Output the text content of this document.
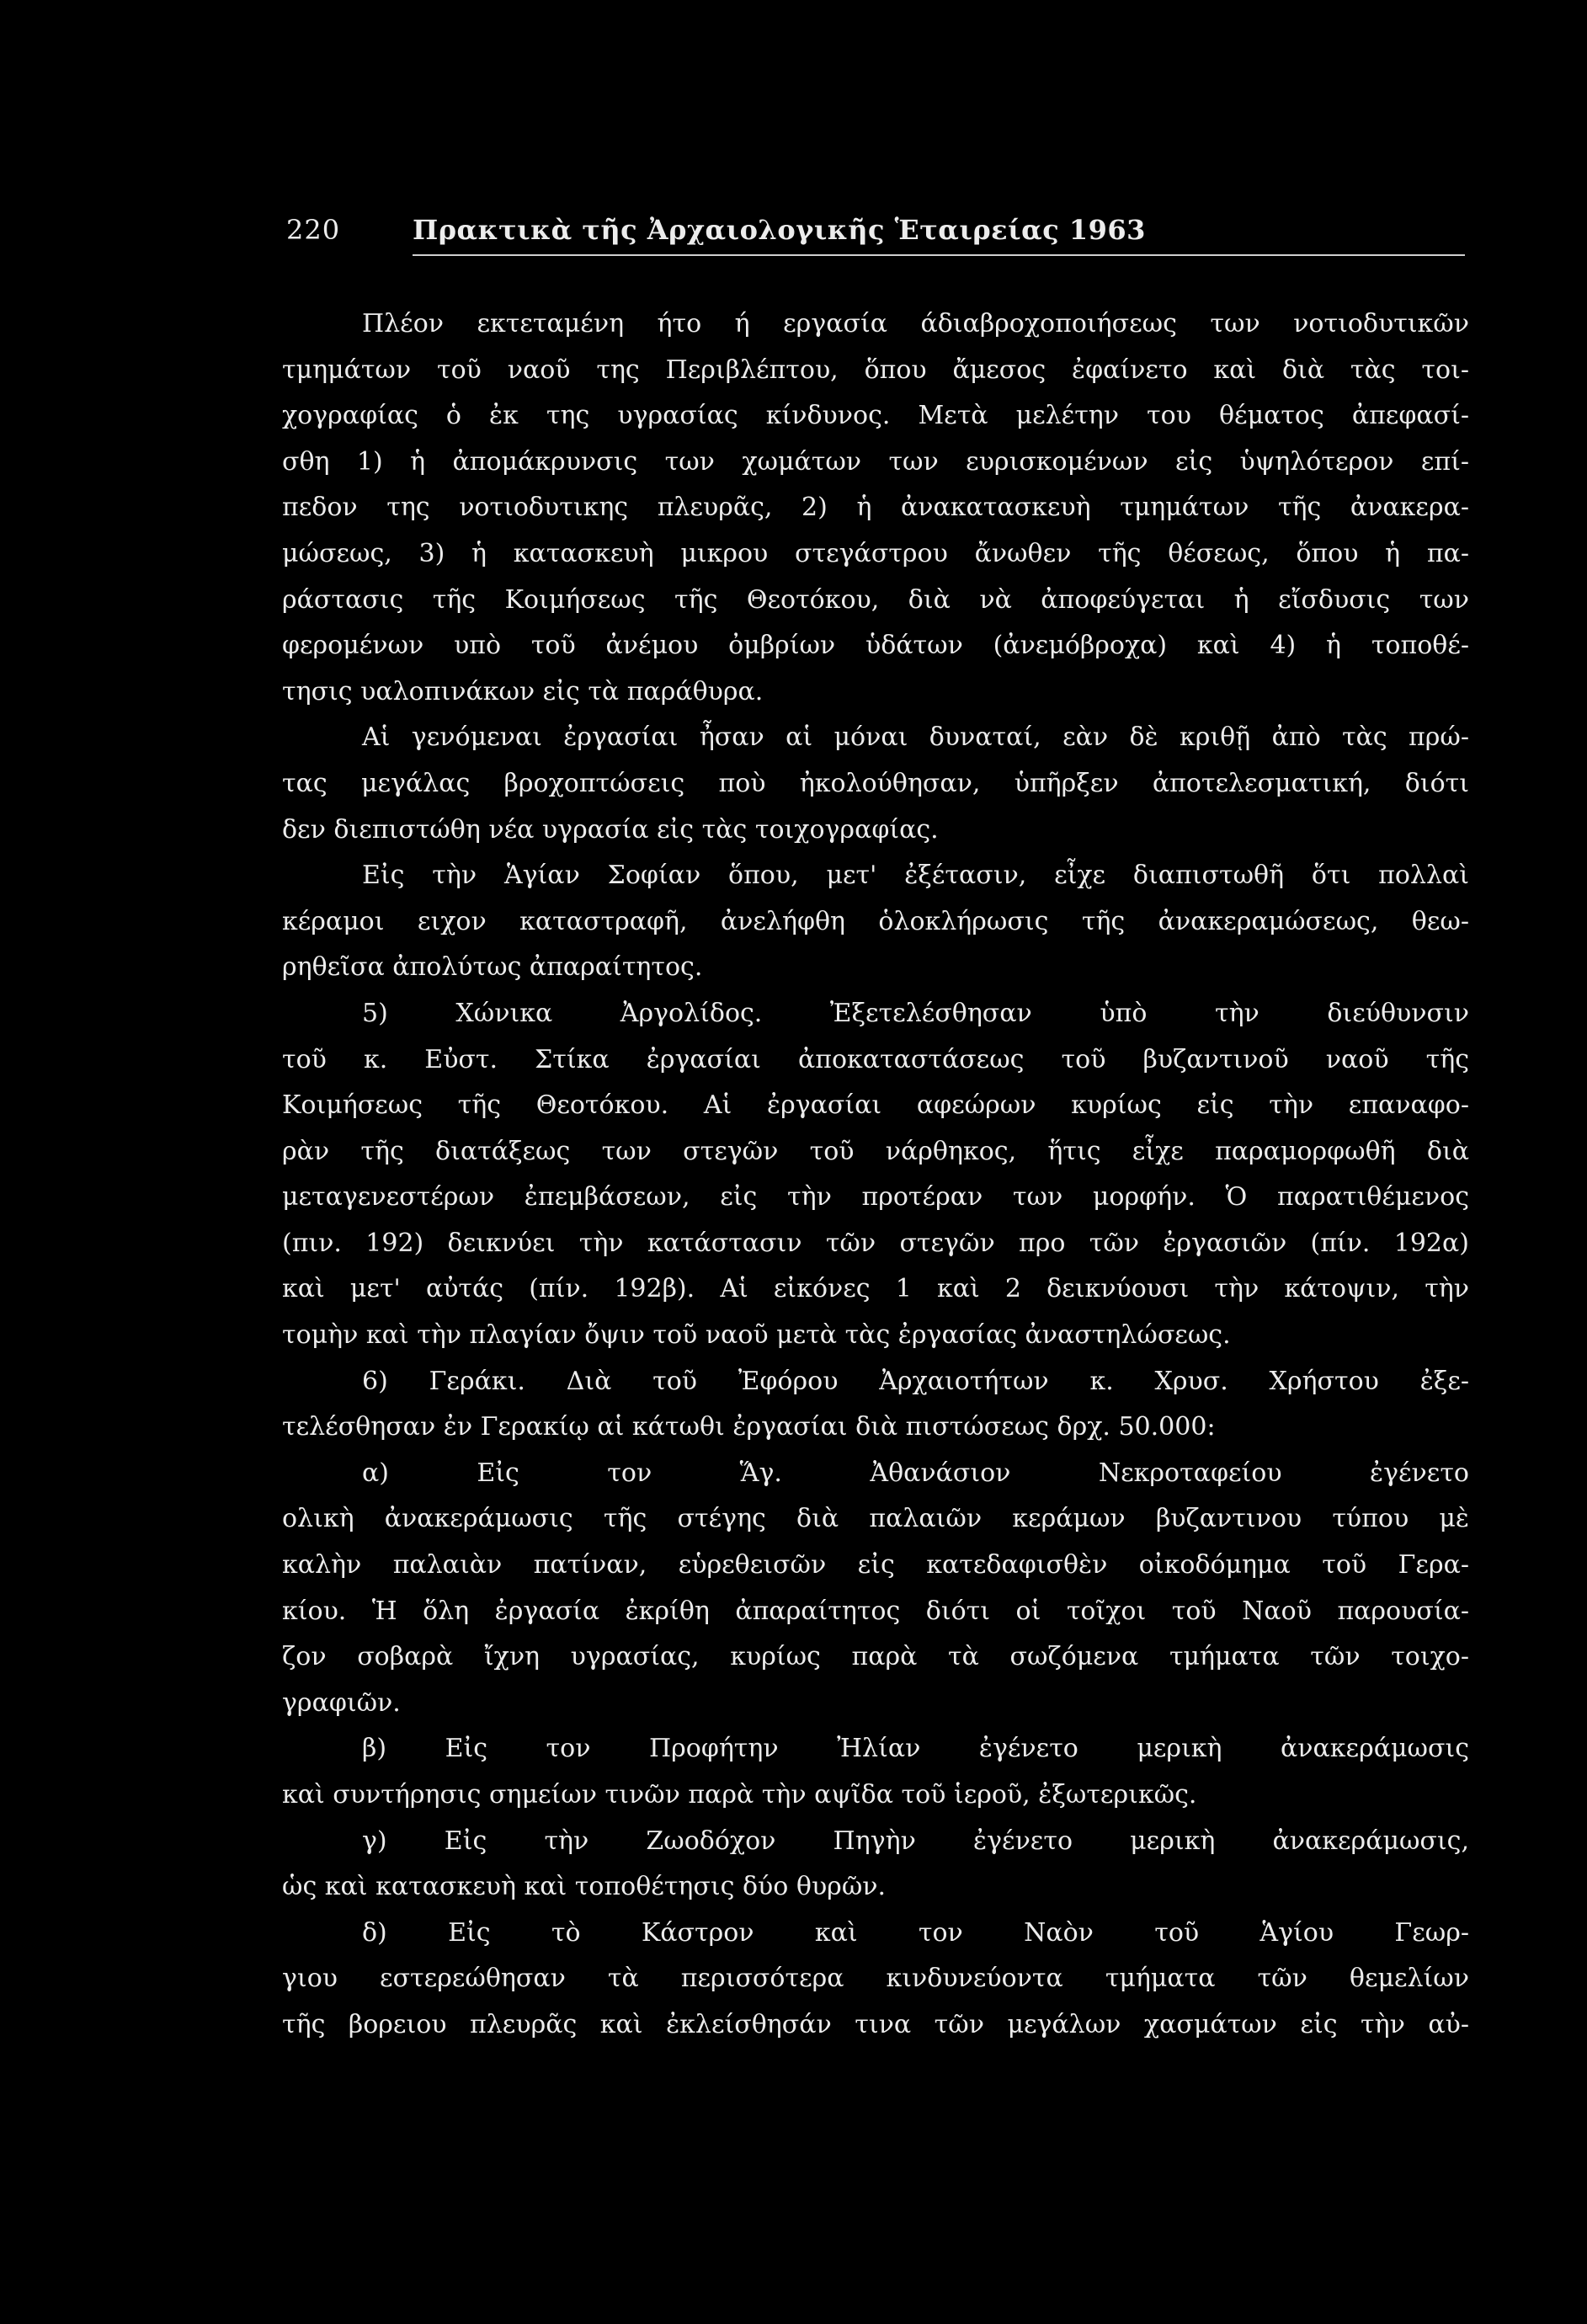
220	Πρακτικὰ τῆς Ἀρχαιολογικῆς Ἑταιρείας 1963
Πλέον εκτεταμένη ήτο ή εργασία άδιαβροχοποιήσεως των νοτιοδυτικῶν
τμημάτων τοῦ ναοῦ της Περιβλέπτου, ὅπου ἄμεσος ἐφαίνετο καὶ διὰ τὰς τοι-
χογραφίας ὁ ἐκ της υγρασίας κίνδυνος. Μετὰ μελέτην του θέματος ἀπεφασί-
σθη 1) ἡ ἀπομάκρυνσις των χωμάτων των ευρισκομένων εἰς ὑψηλότερον επί-
πεδον της νοτιοδυτικης πλευρᾶς, 2) ἡ ἀνακατασκευὴ τμημάτων τῆς ἀνακερα-
μώσεως, 3) ἡ κατασκευὴ μικρου στεγάστρου ἄνωθεν τῆς θέσεως, ὅπου ἡ πα-
ράστασις τῆς Κοιμήσεως τῆς Θεοτόκου, διὰ νὰ ἀποφεύγεται ἡ εἴσδυσις των
φερομένων υπὸ τοῦ ἀνέμου ὀμβρίων ὑδάτων (ἀνεμόβροχα) καὶ 4) ἡ τοποθέ-
τησις υαλοπινάκων εἰς τὰ παράθυρα.
Αἱ γενόμεναι ἐργασίαι ἦσαν αἱ μόναι δυναταί, εὰν δὲ κριθῇ ἀπὸ τὰς πρώ-
τας μεγάλας βροχοπτώσεις ποὺ ἠκολούθησαν, ὑπῆρξεν ἀποτελεσματική, διότι
δεν διεπιστώθη νέα υγρασία εἰς τὰς τοιχογραφίας.
Εἰς τὴν Ἁγίαν Σοφίαν ὅπου, μετ' ἐξέτασιν, εἶχε διαπιστωθῆ ὅτι πολλαὶ
κέραμοι ειχον καταστραφῆ, ἀνελήφθη ὁλοκλήρωσις τῆς ἀνακεραμώσεως, θεω-
ρηθεῖσα ἀπολύτως ἀπαραίτητος.
5) Χώνικα Ἀργολίδος. Ἐξετελέσθησαν ὑπὸ τὴν διεύθυνσιν
τοῦ κ. Εὐστ. Στίκα ἐργασίαι ἀποκαταστάσεως τοῦ βυζαντινοῦ ναοῦ τῆς
Κοιμήσεως τῆς Θεοτόκου. Αἱ ἐργασίαι αφεώρων κυρίως εἰς τὴν επαναφο-
ρὰν τῆς διατάξεως των στεγῶν τοῦ νάρθηκος, ἥτις εἶχε παραμορφωθῆ διὰ
μεταγενεστέρων ἐπεμβάσεων, εἰς τὴν προτέραν των μορφήν. Ὁ παρατιθέμενος
(πιν. 192) δεικνύει τὴν κατάστασιν τῶν στεγῶν προ τῶν ἐργασιῶν (πίν. 192α)
καὶ μετ' αὐτάς (πίν. 192β). Αἱ εἰκόνες 1 καὶ 2 δεικνύουσι τὴν κάτοψιν, τὴν
τομὴν καὶ τὴν πλαγίαν ὄψιν τοῦ ναοῦ μετὰ τὰς ἐργασίας ἀναστηλώσεως.
6) Γεράκι. Διὰ τοῦ Ἐφόρου Ἀρχαιοτήτων κ. Χρυσ. Χρήστου ἐξε-
τελέσθησαν ἐν Γερακίῳ αἱ κάτωθι ἐργασίαι διὰ πιστώσεως δρχ. 50.000:
α) Εἰς τον Ἅγ. Ἀθανάσιον Νεκροταφείου ἐγένετο
ολικὴ ἀνακεράμωσις τῆς στέγης διὰ παλαιῶν κεράμων βυζαντινου τύπου μὲ
καλὴν παλαιὰν πατίναν, εὑρεθεισῶν εἰς κατεδαφισθὲν οἰκοδόμημα τοῦ Γερα-
κίου. Ἡ ὅλη ἐργασία ἐκρίθη ἀπαραίτητος διότι οἱ τοῖχοι τοῦ Ναοῦ παρουσία-
ζον σοβαρὰ ἴχνη υγρασίας, κυρίως παρὰ τὰ σωζόμενα τμήματα τῶν τοιχο-
γραφιῶν.
β) Εἰς τον Προφήτην Ἠλίαν ἐγένετο μερικὴ ἀνακεράμωσις
καὶ συντήρησις σημείων τινῶν παρὰ τὴν αψῖδα τοῦ ἱεροῦ, ἐξωτερικῶς.
γ) Εἰς τὴν Ζωοδόχον Πηγὴν ἐγένετο μερικὴ ἀνακεράμωσις,
ὡς καὶ κατασκευὴ καὶ τοποθέτησις δύο θυρῶν.
δ) Εἰς τὸ Κάστρον καὶ τον Ναὸν τοῦ Ἁγίου Γεωρ-
γιου εστερεώθησαν τὰ περισσότερα κινδυνεύοντα τμήματα τῶν θεμελίων
τῆς βορειου πλευρᾶς καὶ ἐκλείσθησάν τινα τῶν μεγάλων χασμάτων εἰς τὴν αὐ-
